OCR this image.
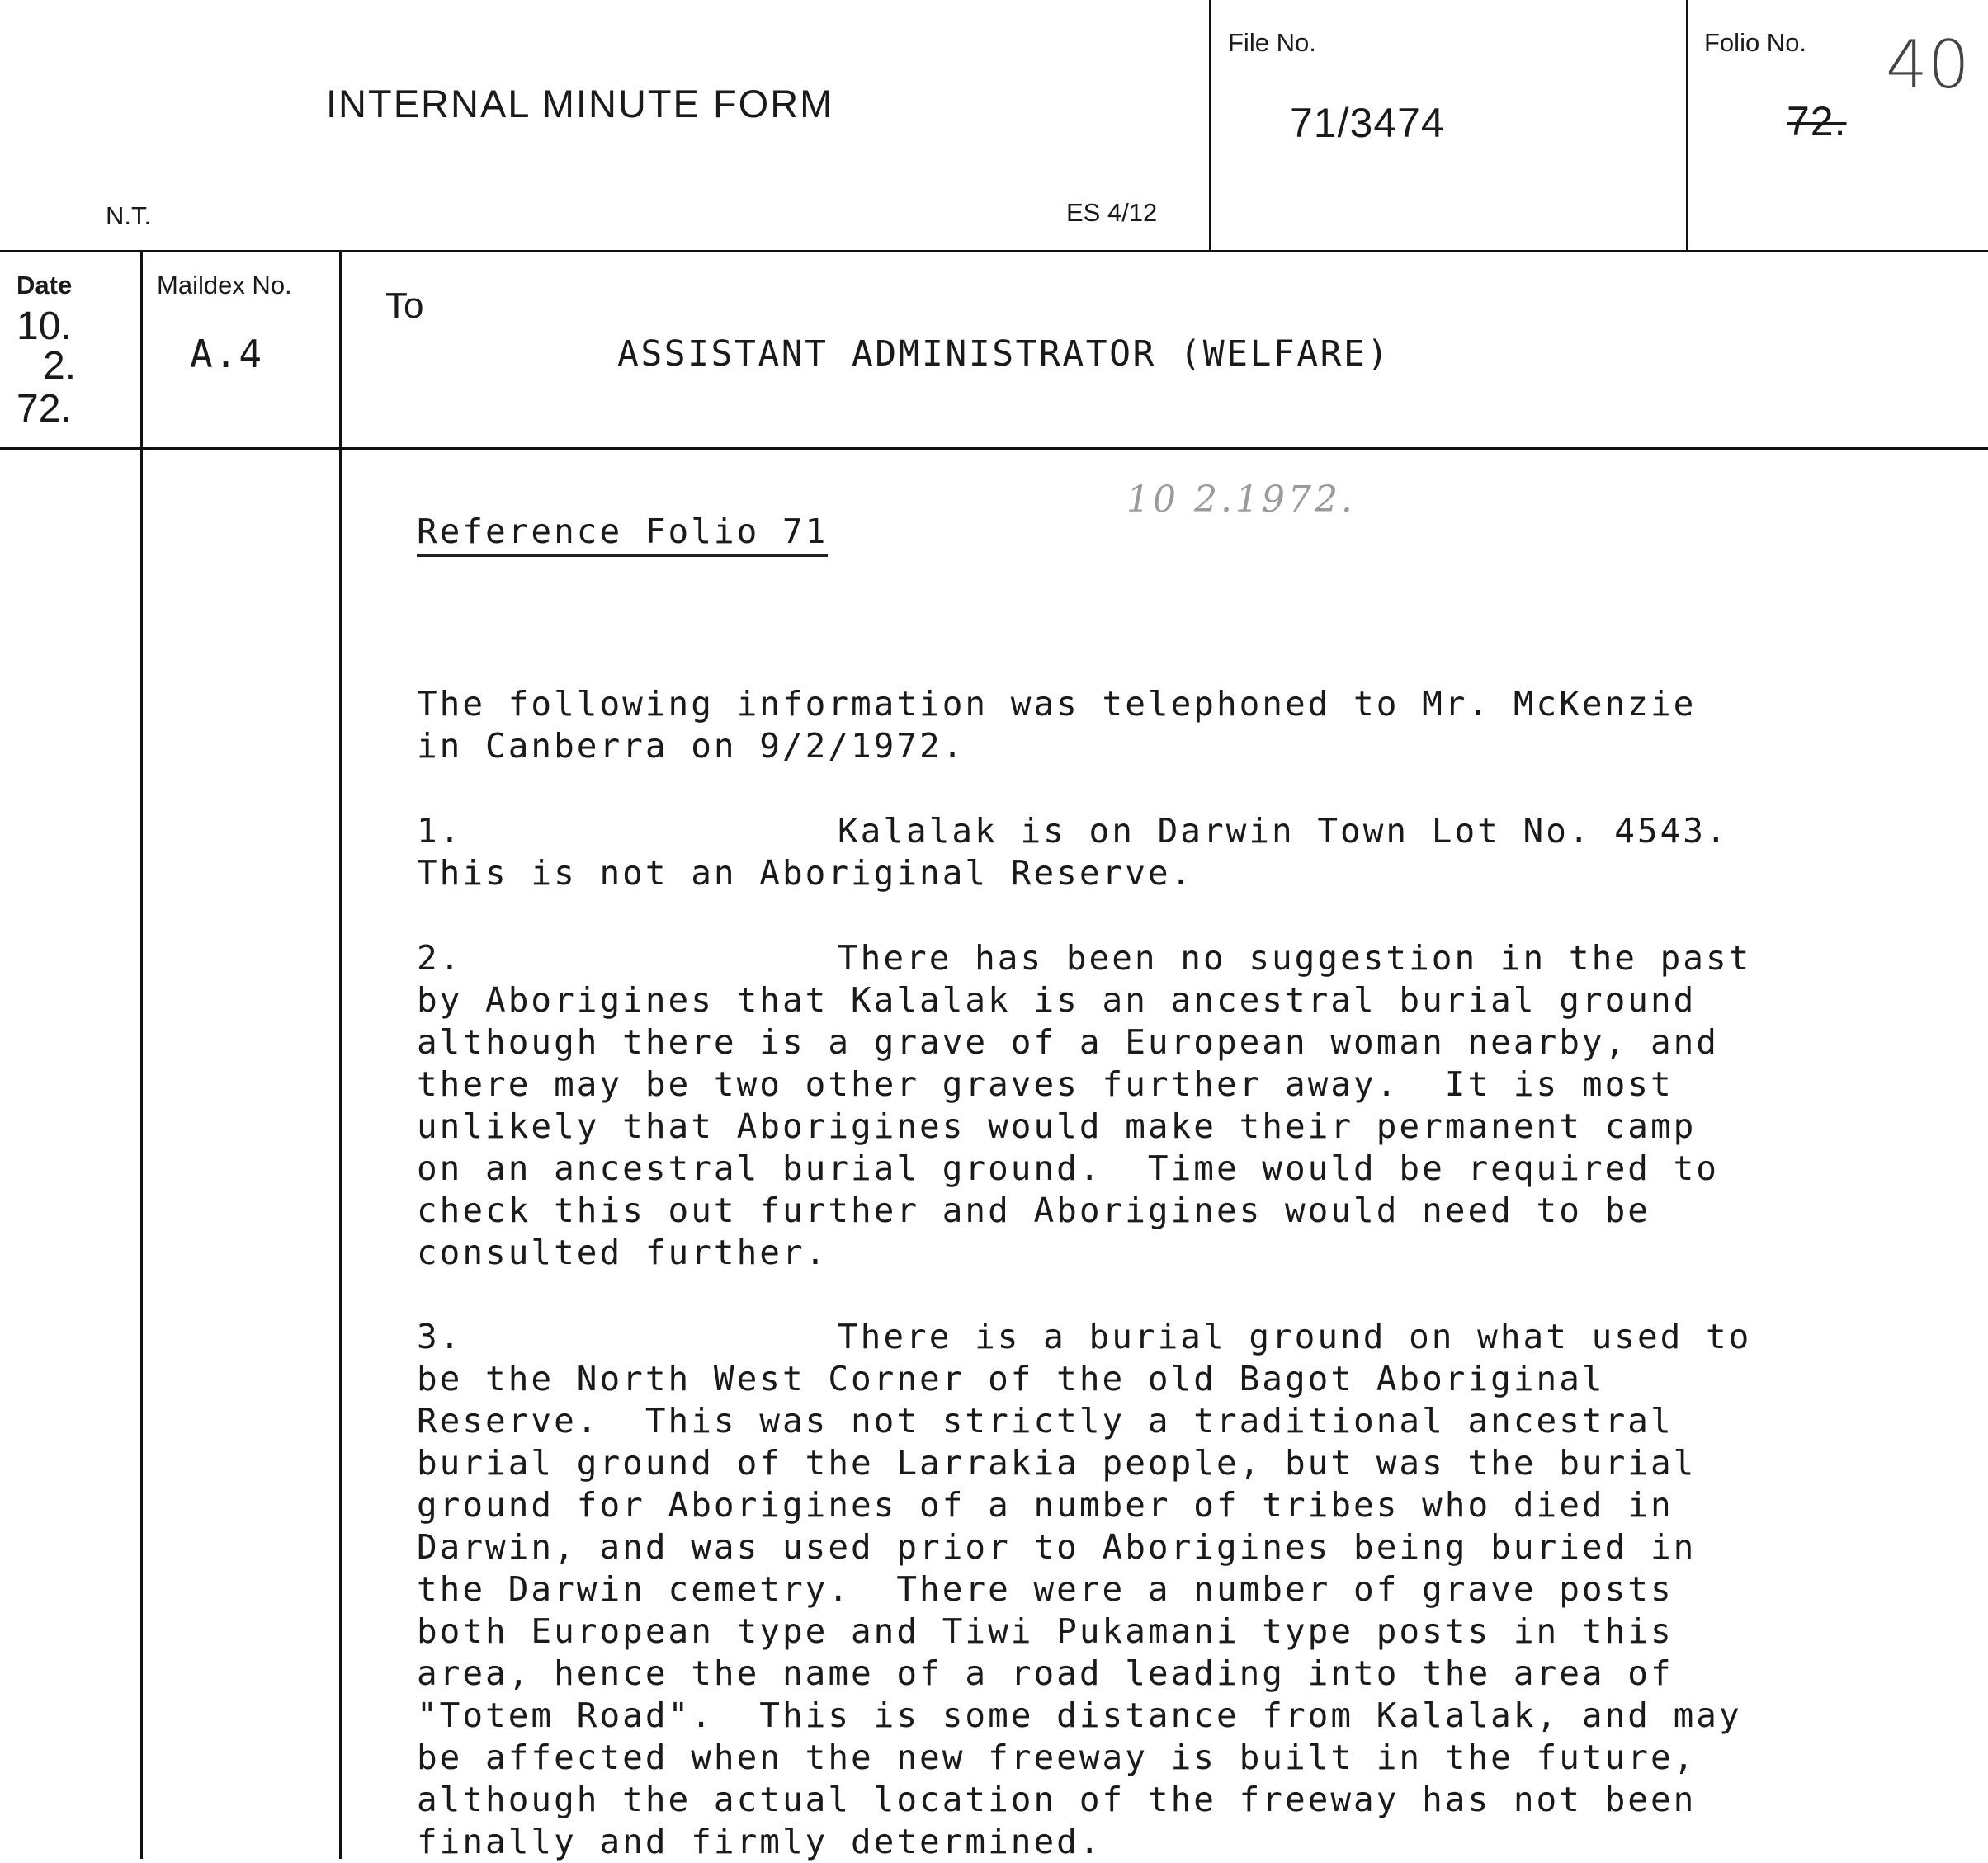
INTERNAL MINUTE FORM
N.T.	ES 4/12
File No.
71/3474
Folio No.
72.
40
Date
10.
2.
72.
Maildex No.
A.4
To
ASSISTANT ADMINISTRATOR (WELFARE)
10 2.1972.
Reference Folio 71
The following information was telephoned to Mr. McKenzie
in Canberra on 9/2/1972.
1.	Kalalak is on Darwin Town Lot No. 4543.
This is not an Aboriginal Reserve.
2.	There has been no suggestion in the past
by Aborigines that Kalalak is an ancestral burial ground
although there is a grave of a European woman nearby, and
there may be two other graves further away.  It is most
unlikely that Aborigines would make their permanent camp
on an ancestral burial ground.  Time would be required to
check this out further and Aborigines would need to be
consulted further.
3.	There is a burial ground on what used to
be the North West Corner of the old Bagot Aboriginal
Reserve.  This was not strictly a traditional ancestral
burial ground of the Larrakia people, but was the burial
ground for Aborigines of a number of tribes who died in
Darwin, and was used prior to Aborigines being buried in
the Darwin cemetry.  There were a number of grave posts
both European type and Tiwi Pukamani type posts in this
area, hence the name of a road leading into the area of
"Totem Road".  This is some distance from Kalalak, and may
be affected when the new freeway is built in the future,
although the actual location of the freeway has not been
finally and firmly determined.
